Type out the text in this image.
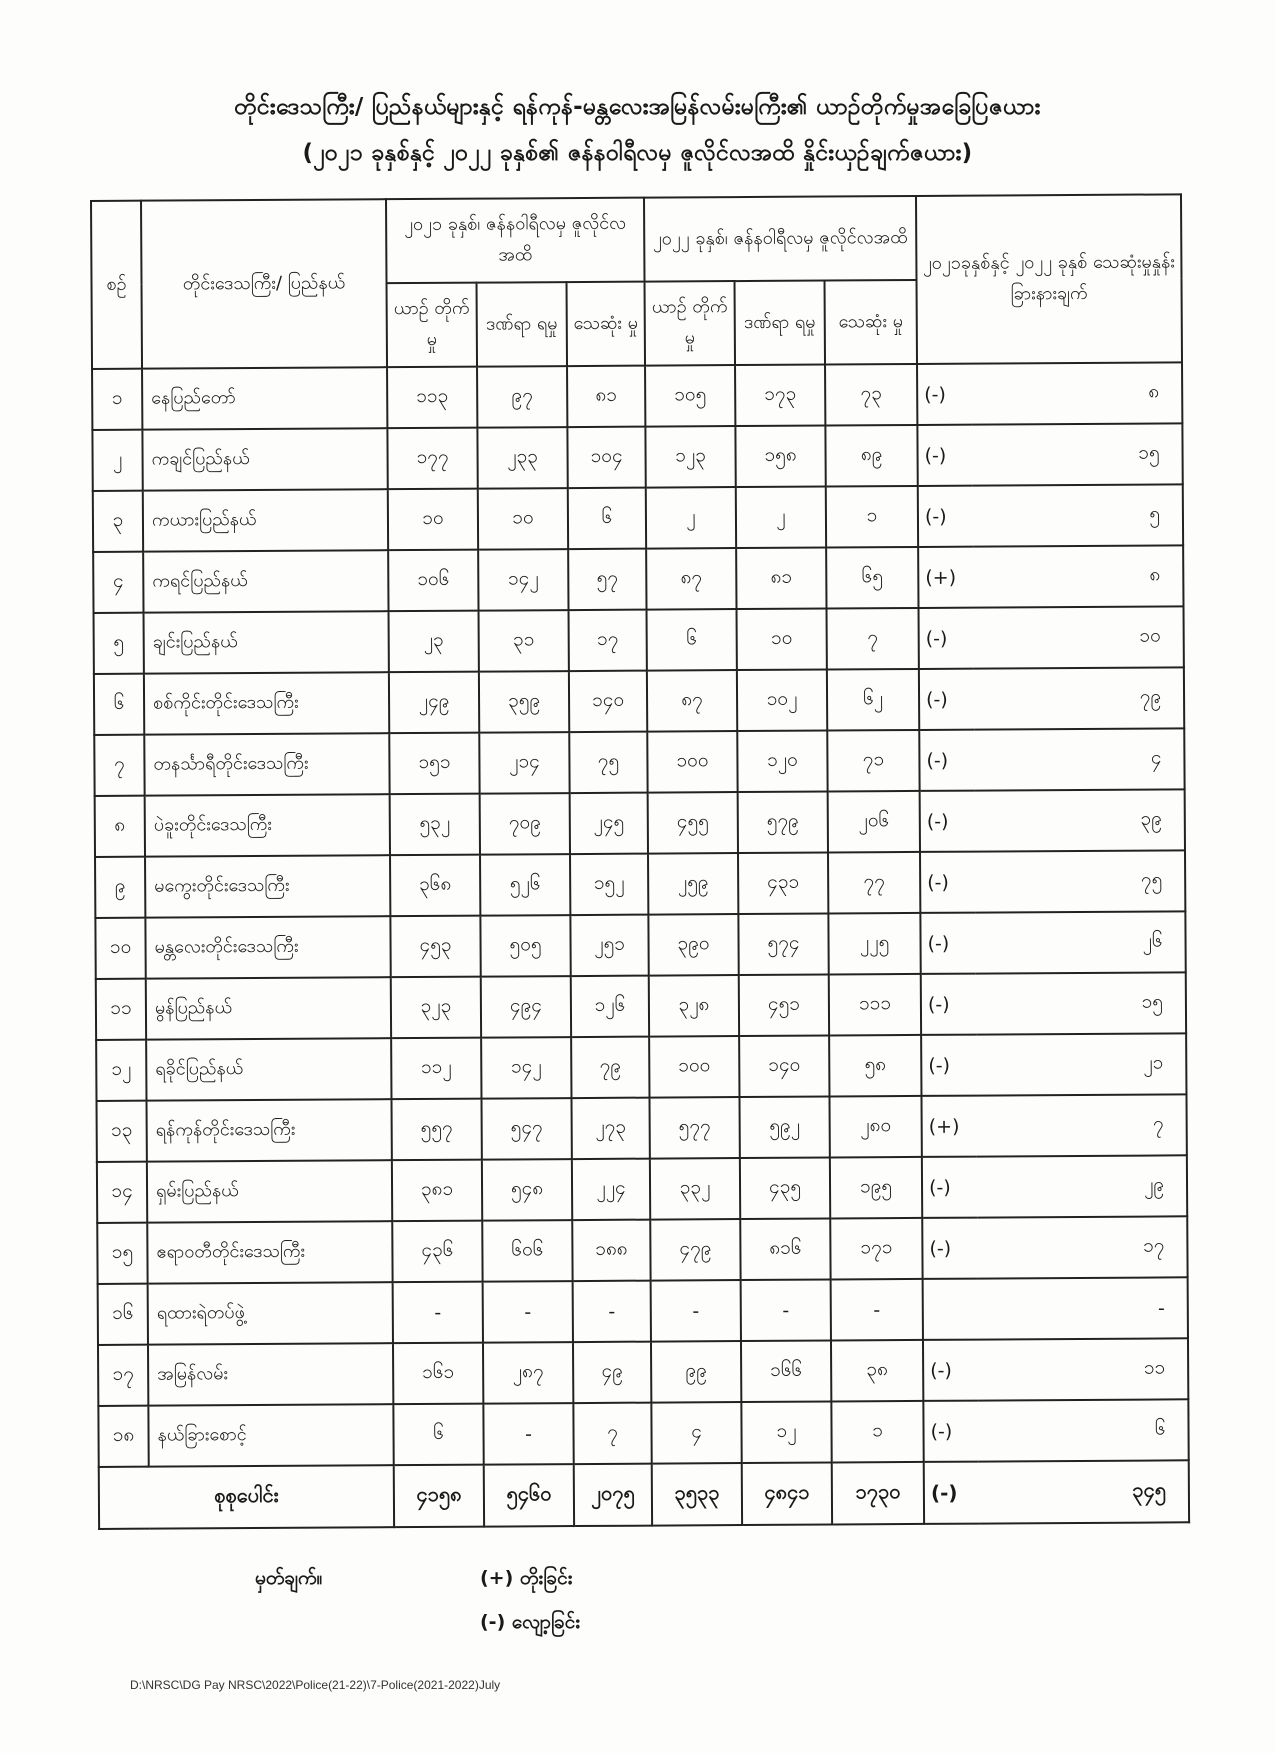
တိုင်းဒေသကြီး/ ပြည်နယ်များနှင့် ရန်ကုန်-မန္တလေးအမြန်လမ်းမကြီး၏ ယာဉ်တိုက်မှုအခြေပြဇယား
(၂၀၂၁ ခုနှစ်နှင့် ၂၀၂၂ ခုနှစ်၏ ဇန်နဝါရီလမှ ဇူလိုင်လအထိ နှိုင်းယှဉ်ချက်ဇယား)
စဉ်	တိုင်းဒေသကြီး/ ပြည်နယ်	၂၀၂၁ ခုနှစ်၊ ဇန်နဝါရီလမှ ဇူလိုင်လအထိ			၂၀၂၂ ခုနှစ်၊ ဇန်နဝါရီလမှ ဇူလိုင်လအထိ			၂၀၂၁ခုနှစ်နှင့် ၂၀၂၂ ခုနှစ် သေဆုံးမှုနှုန်း ခြားနားချက်	
		ယာဉ် တိုက်မှု	ဒဏ်ရာ ရမှု	သေဆုံး မှု	ယာဉ် တိုက်မှု	ဒဏ်ရာ ရမှု	သေဆုံး မှု		
၁	နေပြည်တော်	၁၁၃	၉၇	၈၁	၁၀၅	၁၇၃	၇၃	(-)	၈
၂	ကချင်ပြည်နယ်	၁၇၇	၂၃၃	၁၀၄	၁၂၃	၁၅၈	၈၉	(-)	၁၅
၃	ကယားပြည်နယ်	၁၀	၁၀	၆	၂	၂	၁	(-)	၅
၄	ကရင်ပြည်နယ်	၁၀၆	၁၄၂	၅၇	၈၇	၈၁	၆၅	(+)	၈
၅	ချင်းပြည်နယ်	၂၃	၃၁	၁၇	၆	၁၀	၇	(-)	၁၀
၆	စစ်ကိုင်းတိုင်းဒေသကြီး	၂၄၉	၃၅၉	၁၄၀	၈၇	၁၀၂	၆၂	(-)	၇၉
၇	တနင်္သာရီတိုင်းဒေသကြီး	၁၅၁	၂၁၄	၇၅	၁၀၀	၁၂၀	၇၁	(-)	၄
၈	ပဲခူးတိုင်းဒေသကြီး	၅၃၂	၇၀၉	၂၄၅	၄၅၅	၅၇၉	၂၀၆	(-)	၃၉
၉	မကွေးတိုင်းဒေသကြီး	၃၆၈	၅၂၆	၁၅၂	၂၅၉	၄၃၁	၇၇	(-)	၇၅
၁၀	မန္တလေးတိုင်းဒေသကြီး	၄၅၃	၅၀၅	၂၅၁	၃၉၀	၅၇၄	၂၂၅	(-)	၂၆
၁၁	မွန်ပြည်နယ်	၃၂၃	၄၉၄	၁၂၆	၃၂၈	၄၅၁	၁၁၁	(-)	၁၅
၁၂	ရခိုင်ပြည်နယ်	၁၁၂	၁၄၂	၇၉	၁၀၀	၁၄၀	၅၈	(-)	၂၁
၁၃	ရန်ကုန်တိုင်းဒေသကြီး	၅၅၇	၅၄၇	၂၇၃	၅၇၇	၅၉၂	၂၈၀	(+)	၇
၁၄	ရှမ်းပြည်နယ်	၃၈၁	၅၄၈	၂၂၄	၃၃၂	၄၃၅	၁၉၅	(-)	၂၉
၁၅	ဧရာဝတီတိုင်းဒေသကြီး	၄၃၆	၆၀၆	၁၈၈	၄၇၉	၈၁၆	၁၇၁	(-)	၁၇
၁၆	ရထားရဲတပ်ဖွဲ့	-	-	-	-	-	-		-
၁၇	အမြန်လမ်း	၁၆၁	၂၈၇	၄၉	၉၉	၁၆၆	၃၈	(-)	၁၁
၁၈	နယ်ခြားစောင့်	၆	-	၇	၄	၁၂	၁	(-)	၆
စုစုပေါင်း		၄၁၅၈	၅၄၆၀	၂၀၇၅	၃၅၃၃	၄၈၄၁	၁၇၃၀	(-)	၃၄၅
မှတ်ချက်။	(+) တိုးခြင်း
(-) လျော့ခြင်း
D:\NRSC\DG Pay NRSC\2022\Police(21-22)\7-Police(2021-2022)July
